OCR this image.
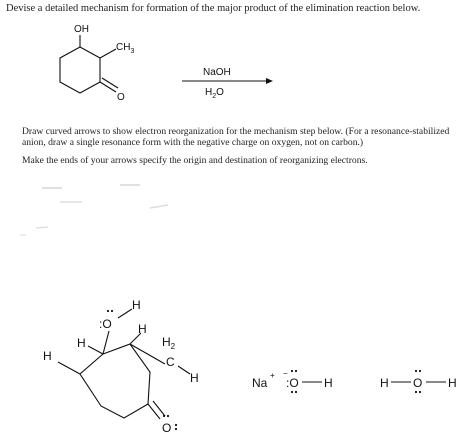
Devise a detailed mechanism for formation of the major product of the elimination reaction below.
OH
$CH_3$
O
NaOH
$H_2O$

Draw curved arrows to show electron reorganization for the mechanism step below. (For a resonance-stabilized anion, draw a single resonance form with the negative charge on oxygen, not on carbon.)

Make the ends of your arrows specify the origin and destination of reorganizing electrons.

:O
H
H
H
H
$H_2$
C
H
O
Na
+ −
:O H	H O H
